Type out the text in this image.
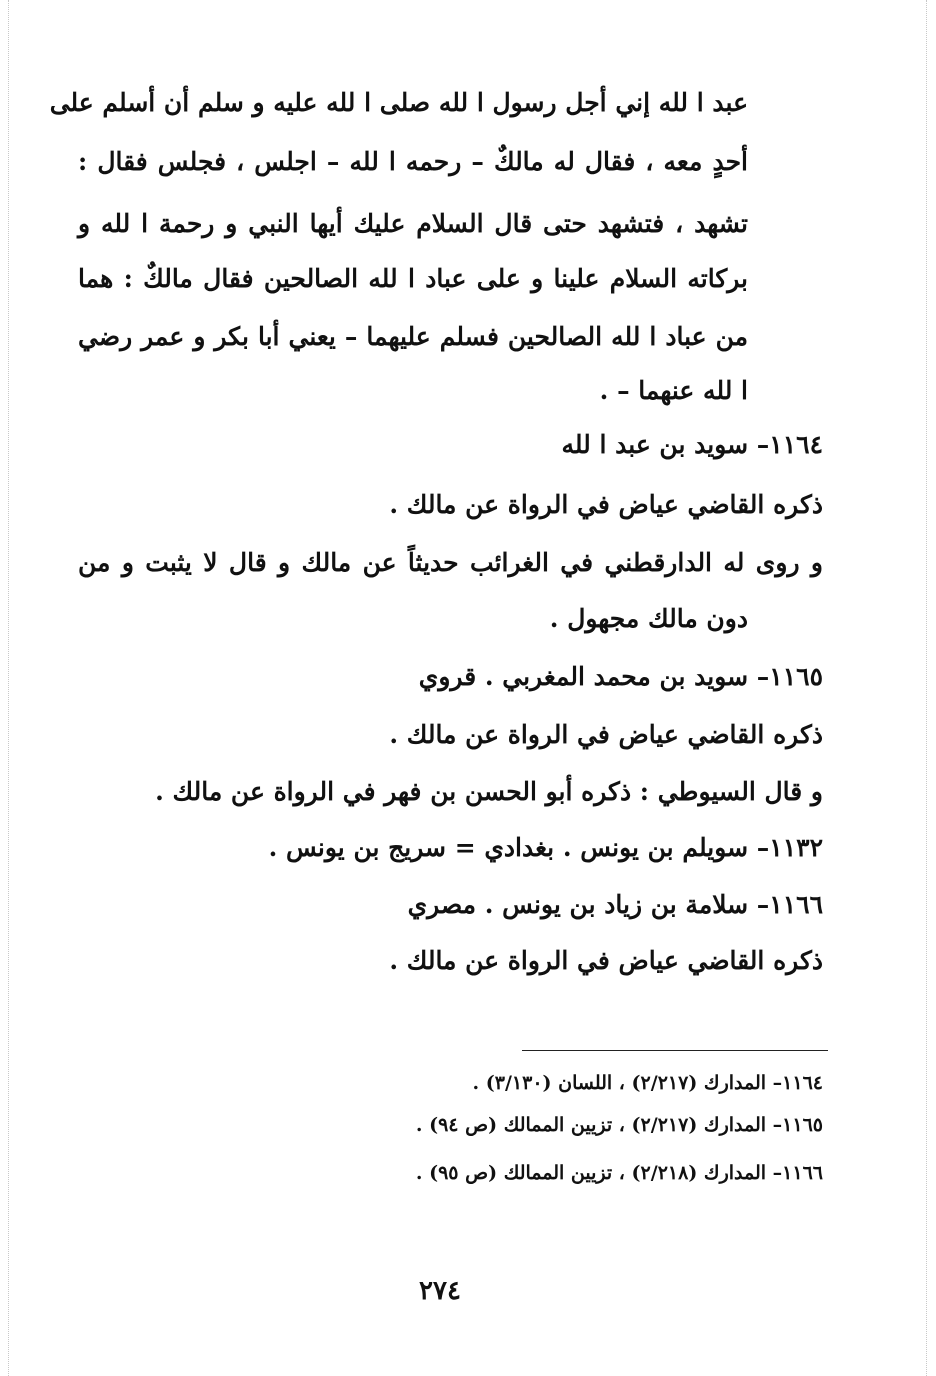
عبد ا لله إني أجل رسول ا لله صلى ا لله عليه و سلم أن أسلم على
أحدٍ معه ، فقال له مالكٌ – رحمه ا لله – اجلس ، فجلس فقال :
تشهد ، فتشهد حتى قال السلام عليك أيها النبي و رحمة ا لله و
بركاته السلام علينا و على عباد ا لله الصالحين فقال مالكٌ : هما
من عباد ا لله الصالحين فسلم عليهما – يعني أبا بكر و عمر رضي
ا لله عنهما – .
١١٦٤– سويد بن عبد ا لله
ذكره القاضي عياض في الرواة عن مالك .
و روى له الدارقطني في الغرائب حديثاً عن مالك و قال لا يثبت و من
دون مالك مجهول .
١١٦٥– سويد بن محمد المغربي . قروي
ذكره القاضي عياض في الرواة عن مالك .
و قال السيوطي : ذكره أبو الحسن بن فهر في الرواة عن مالك .
١١٣٢– سويلم بن يونس . بغدادي = سريج بن يونس .
١١٦٦– سلامة بن زياد بن يونس . مصري
ذكره القاضي عياض في الرواة عن مالك .
١١٦٤– المدارك (٢/٢١٧) ، اللسان (٣/١٣٠) .
١١٦٥– المدارك (٢/٢١٧) ، تزيين الممالك (ص ٩٤) .
١١٦٦– المدارك (٢/٢١٨) ، تزيين الممالك (ص ٩٥) .
٢٧٤
